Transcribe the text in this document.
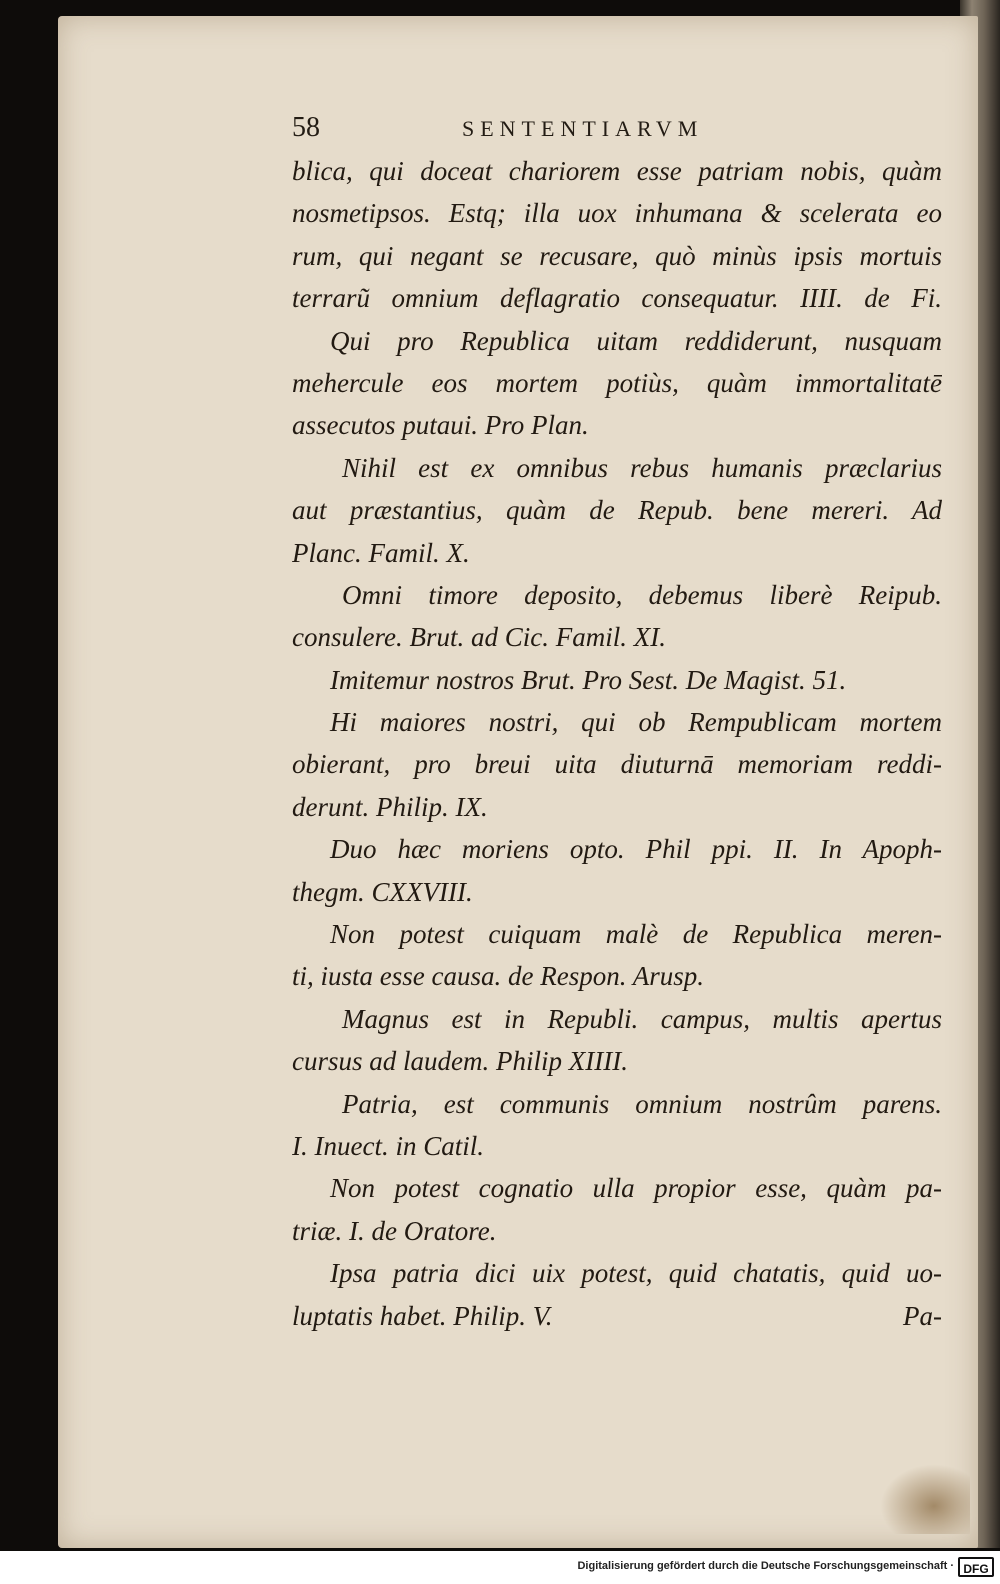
58	SENTENTIARVM
blica, qui doceat chariorem esse patriam nobis, quàm
nosmetipsos. Estq; illa uox inhumana & scelerata eo
rum, qui negant se recusare, quò minùs ipsis mortuis
terrarũ omnium deflagratio consequatur. IIII. de Fi.
Qui pro Republica uitam reddiderunt, nusquam
mehercule eos mortem potiùs, quàm immortalitatē
assecutos putaui. Pro Plan.
Nihil est ex omnibus rebus humanis præclarius
aut præstantius, quàm de Repub. bene mereri. Ad
Planc. Famil. X.
Omni timore deposito, debemus liberè Reipub.
consulere. Brut. ad Cic. Famil. XI.
Imitemur nostros Brut. Pro Sest. De Magist. 51.
Hi maiores nostri, qui ob Rempublicam mortem
obierant, pro breui uita diuturnā memoriam reddi-
derunt. Philip. IX.
Duo hæc moriens opto. Phil ppi. II. In Apoph-
thegm. CXXVIII.
Non potest cuiquam malè de Republica meren-
ti, iusta esse causa. de Respon. Arusp.
Magnus est in Republi. campus, multis apertus
cursus ad laudem. Philip XIIII.
Patria, est communis omnium nostrûm parens.
I. Inuect. in Catil.
Non potest cognatio ulla propior esse, quàm pa-
triæ. I. de Oratore.
Ipsa patria dici uix potest, quid chatatis, quid uo-
luptatis habet. Philip. V.	Pa-
Digitalisierung gefördert durch die Deutsche Forschungsgemeinschaft · DFG
